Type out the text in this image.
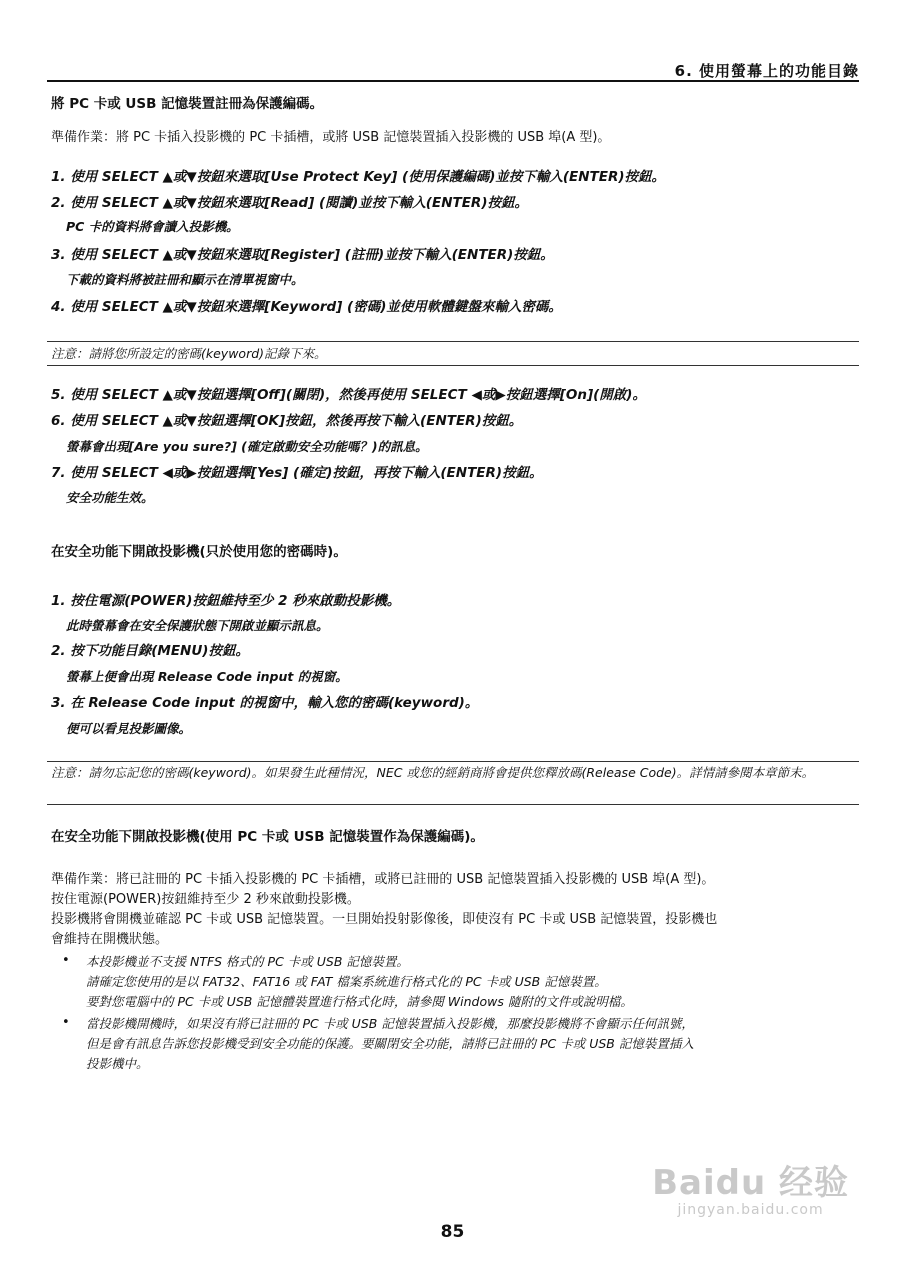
6. 使用螢幕上的功能目錄
將 PC 卡或 USB 記憶裝置註冊為保護編碼。
準備作業：將 PC 卡插入投影機的 PC 卡插槽，或將 USB 記憶裝置插入投影機的 USB 埠(A 型)。
1. 使用 SELECT ▲或▼按鈕來選取[Use Protect Key] (使用保護編碼)並按下輸入(ENTER)按鈕。
2. 使用 SELECT ▲或▼按鈕來選取[Read] (閱讀)並按下輸入(ENTER)按鈕。
PC 卡的資料將會讀入投影機。
3. 使用 SELECT ▲或▼按鈕來選取[Register] (註冊)並按下輸入(ENTER)按鈕。
下載的資料將被註冊和顯示在清單視窗中。
4. 使用 SELECT ▲或▼按鈕來選擇[Keyword] (密碼)並使用軟體鍵盤來輸入密碼。
注意：請將您所設定的密碼(keyword)記錄下來。
5. 使用 SELECT ▲或▼按鈕選擇[Off](關閉)，然後再使用 SELECT ◀或▶按鈕選擇[On](開啟)。
6. 使用 SELECT ▲或▼按鈕選擇[OK]按鈕，然後再按下輸入(ENTER)按鈕。
螢幕會出現[Are you sure?] (確定啟動安全功能嗎？)的訊息。
7. 使用 SELECT ◀或▶按鈕選擇[Yes] (確定)按鈕，再按下輸入(ENTER)按鈕。
安全功能生效。
在安全功能下開啟投影機(只於使用您的密碼時)。
1. 按住電源(POWER)按鈕維持至少 2 秒來啟動投影機。
此時螢幕會在安全保護狀態下開啟並顯示訊息。
2. 按下功能目錄(MENU)按鈕。
螢幕上便會出現 Release Code input 的視窗。
3. 在 Release Code input 的視窗中，輸入您的密碼(keyword)。
便可以看見投影圖像。
注意：請勿忘記您的密碼(keyword)。如果發生此種情況，NEC 或您的經銷商將會提供您釋放碼(Release Code)。詳情請參閱本章節末。
在安全功能下開啟投影機(使用 PC 卡或 USB 記憶裝置作為保護編碼)。
準備作業：將已註冊的 PC 卡插入投影機的 PC 卡插槽，或將已註冊的 USB 記憶裝置插入投影機的 USB 埠(A 型)。
按住電源(POWER)按鈕維持至少 2 秒來啟動投影機。
投影機將會開機並確認 PC 卡或 USB 記憶裝置。一旦開始投射影像後，即使沒有 PC 卡或 USB 記憶裝置，投影機也
會維持在開機狀態。
• 本投影機並不支援 NTFS 格式的 PC 卡或 USB 記憶裝置。
請確定您使用的是以 FAT32、FAT16 或 FAT 檔案系統進行格式化的 PC 卡或 USB 記憶裝置。
要對您電腦中的 PC 卡或 USB 記憶體裝置進行格式化時，請參閱 Windows 隨附的文件或說明檔。
• 當投影機開機時，如果沒有將已註冊的 PC 卡或 USB 記憶裝置插入投影機，那麼投影機將不會顯示任何訊號，
但是會有訊息告訴您投影機受到安全功能的保護。要關閉安全功能，請將已註冊的 PC 卡或 USB 記憶裝置插入
投影機中。
Baidu 经验
jingyan.baidu.com
85
